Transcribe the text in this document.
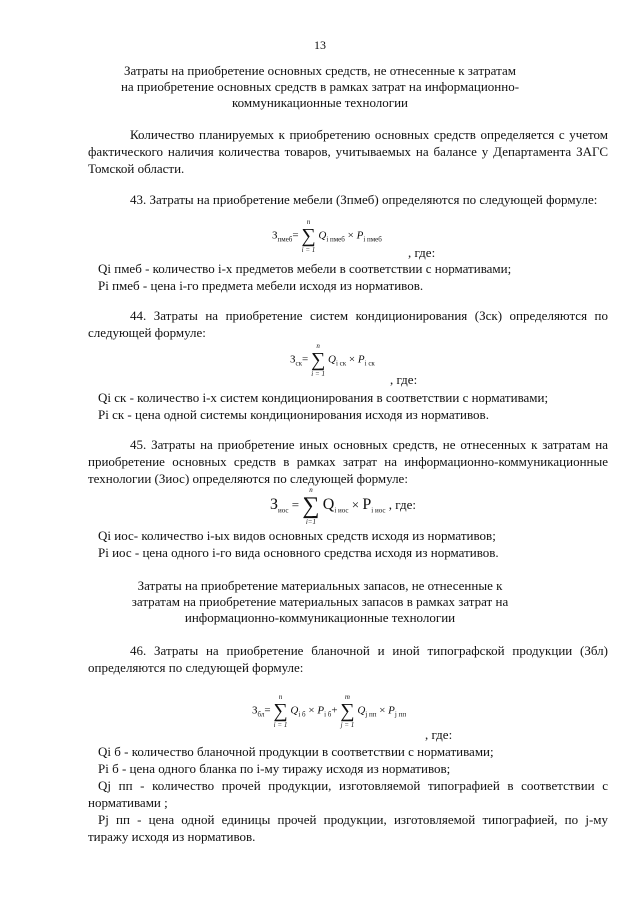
13
Затраты на приобретение основных средств, не отнесенные к затратам на приобретение основных средств в рамках затрат на информационно-коммуникационные технологии
Количество планируемых к приобретению основных средств определяется с учетом фактического наличия количества товаров, учитываемых на балансе у Департамента ЗАГС Томской области.
43. Затраты на приобретение мебели (Зпмеб) определяются по следующей формуле:
$З_{пмеб}=$
n
∑
i = 1
$Q_{i пмеб} \times P_{i пмеб}$
, где:
Qi пмеб - количество i-х предметов мебели в соответствии с нормативами;
Pi пмеб - цена i-го предмета мебели исходя из нормативов.
44. Затраты на приобретение систем кондиционирования (Зск) определяются по следующей формуле:
$З_{ск}=$
n
∑
i = 1
$Q_{i ск} \times P_{i ск}$
, где:
Qi ск - количество i-х систем кондиционирования в соответствии с нормативами;
Pi ск - цена одной системы кондиционирования исходя из нормативов.
45. Затраты на приобретение иных основных средств, не отнесенных к затратам на приобретение основных средств в рамках затрат на информационно-коммуникационные технологии (Зиос) определяются по следующей формуле:
$З_{иос}$ =
n
∑
i=1
$Q_{i иос} \times P_{i иос}$ , где:
Qi иос- количество i-ых видов основных средств исходя из нормативов;
Pi иос - цена одного i-го вида основного средства исходя из нормативов.
Затраты на приобретение материальных запасов, не отнесенные к затратам на приобретение материальных запасов в рамках затрат на информационно-коммуникационные технологии
46. Затраты на приобретение бланочной и иной типографской продукции (Збл) определяются по следующей формуле:
$З_{бл}=$
n
∑
i = 1
$Q_{i б} \times P_{i б}+$
m
∑
j = 1
$Q_{j пп} \times P_{j пп}$
, где:
Qi б - количество бланочной продукции в соответствии с нормативами;
Pi б - цена одного бланка по i-му тиражу исходя из нормативов;
Qj пп - количество прочей продукции, изготовляемой типографией в соответствии с нормативами ;
Pj пп - цена одной единицы прочей продукции, изготовляемой типографией, по j-му тиражу исходя из нормативов.
